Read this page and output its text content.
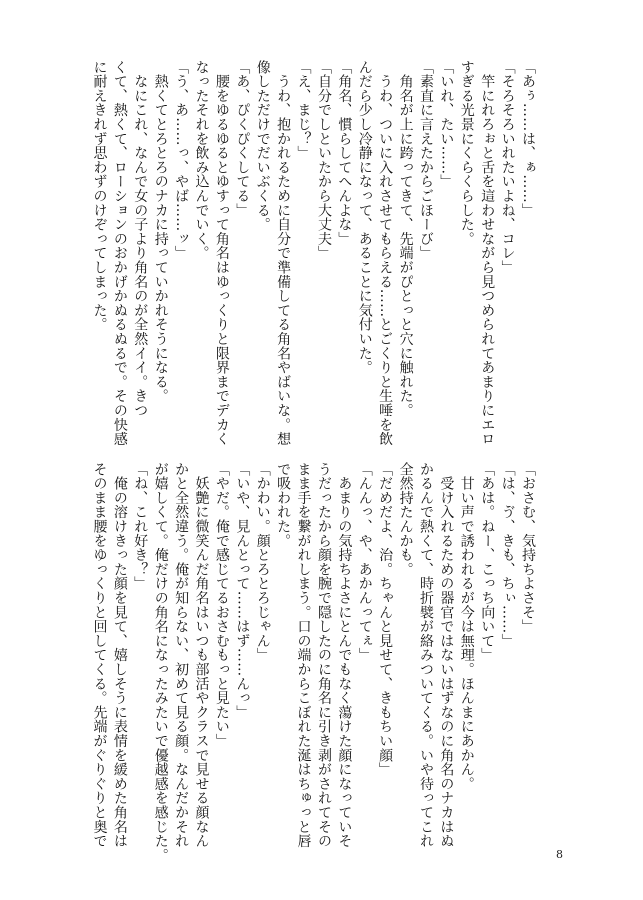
「あぅ……は、ぁ……」
「そろそろいれたいよね、コレ」
　竿にれろぉと舌を這わせながら見つめられてあまりにエロ
すぎる光景にくらくらした。
「いれ、たい……」
「素直に言えたからごほーび」
　角名が上に跨ってきて、先端がぴとっと穴に触れた。
　うわ、ついに入れさせてもらえる……とごくりと生唾を飲
んだら少し冷静になって、あることに気付いた。
「角名、慣らしてへんよな」
「自分でしといたから大丈夫」
「え、まじ？」
　うわ、抱かれるために自分で準備してる角名やばいな。想
像しただけでだいぶくる。
「あ、ぴくぴくしてる」
　腰をゆるゆるとゆすって角名はゆっくりと限界までデカく
なったそれを飲み込んでいく。
「う、あ……っ、やば……ッ」
　熱くてとろとろのナカに持っていかれそうになる。
　なにこれ、なんで女の子より角名のが全然イイ。きつ
くて、熱くて、ローションのおかげかぬるぬるで。その快感
に耐えきれず思わずのけぞってしまった。
「おさむ、気持ちよさそ」
「は、ゔ、きも、ちぃ……」
「あは。ねー、こっち向いて」
　甘い声で誘われるが今は無理。ほんまにあかん。
　受け入れるための器官ではないはずなのに角名のナカはぬ
かるんで熱くて、時折襞が絡みついてくる。いや待ってこれ
全然持たんかも。
「だめだよ、治。ちゃんと見せて、きもちい顔」
「んんっ、や、あかんってぇ」
　あまりの気持ちよさにとんでもなく蕩けた顔になっていそ
うだったから顔を腕で隠したのに角名に引き剥がされてその
まま手を繋がれしまう。口の端からこぼれた涎はちゅっと唇
で吸われた。
「かわい。顔とろとろじゃん」
「いや、見んとって……はず……んっ」
「やだ。俺で感じてるおさむもっと見たい」
　妖艶に微笑んだ角名はいつも部活やクラスで見せる顔なん
かと全然違う。俺が知らない、初めて見る顔。なんだかそれ
が嬉しくて。俺だけの角名になったみたいで優越感を感じた。
「ね、これ好き？」
　俺の溶けきった顔を見て、嬉しそうに表情を緩めた角名は
そのまま腰をゆっくりと回してくる。先端がぐりぐりと奥で
8
